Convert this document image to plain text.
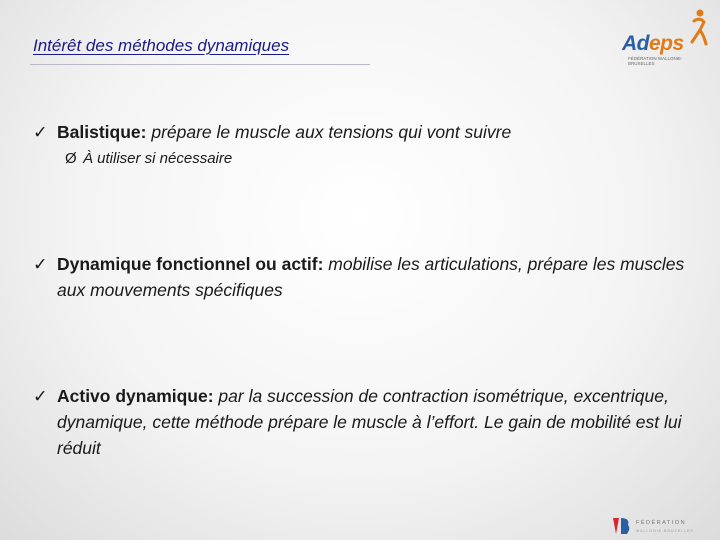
Intérêt des méthodes dynamiques	Adeps
FÉDÉRATION WALLONIE-BRUXELLES
✓ Balistique: prépare le muscle aux tensions qui vont suivre
Ø À utiliser si nécessaire
✓ Dynamique fonctionnel ou actif: mobilise les articulations, prépare les muscles aux mouvements spécifiques
✓ Activo dynamique: par la succession de contraction isométrique, excentrique, dynamique, cette méthode prépare le muscle à l’effort. Le gain de mobilité est lui réduit
FÉDÉRATION
WALLONIE-BRUXELLES
